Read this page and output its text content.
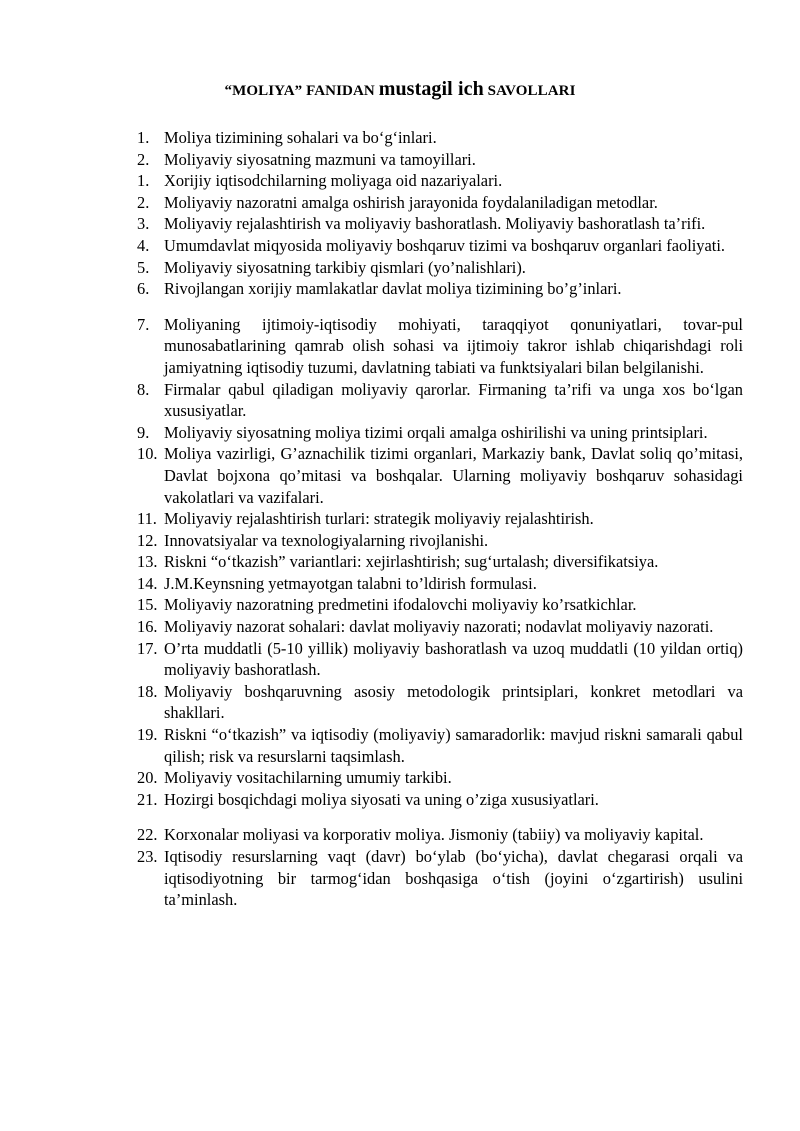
“MOLIYA” FANIDAN mustagil ich SAVOLLARI
1. Moliya tizimining sohalari va bo‘g‘inlari.
2. Moliyaviy siyosatning mazmuni va tamoyillari.
1. Xorijiy iqtisodchilarning moliyaga oid nazariyalari.
2. Moliyaviy nazoratni amalga oshirish jarayonida foydalaniladigan metodlar.
3. Moliyaviy rejalashtirish va moliyaviy bashoratlash. Moliyaviy bashoratlash ta’rifi.
4. Umumdavlat miqyosida moliyaviy boshqaruv tizimi va boshqaruv organlari faoliyati.
5. Moliyaviy siyosatning tarkibiy qismlari (yo’nalishlari).
6. Rivojlangan xorijiy mamlakatlar davlat moliya tizimining bo’g’inlari.
7. Moliyaning ijtimoiy-iqtisodiy mohiyati, taraqqiyot qonuniyatlari, tovar-pul munosabatlarining qamrab olish sohasi va ijtimoiy takror ishlab chiqarishdagi roli jamiyatning iqtisodiy tuzumi, davlatning tabiati va funktsiyalari bilan belgilanishi.
8. Firmalar qabul qiladigan moliyaviy qarorlar. Firmaning ta’rifi va unga xos bo‘lgan xususiyatlar.
9. Moliyaviy siyosatning moliya tizimi orqali amalga oshirilishi va uning printsiplari.
10. Moliya vazirligi, G’aznachilik tizimi organlari, Markaziy bank, Davlat soliq qo’mitasi, Davlat bojxona qo’mitasi va boshqalar. Ularning moliyaviy boshqaruv sohasidagi vakolatlari va vazifalari.
11. Moliyaviy rejalashtirish turlari: strategik moliyaviy rejalashtirish.
12. Innovatsiyalar va texnologiyalarning rivojlanishi.
13. Riskni “o‘tkazish” variantlari: xejirlashtirish; sug‘urtalash; diversifikatsiya.
14. J.M.Keynsning yetmayotgan talabni to’ldirish formulasi.
15. Moliyaviy nazoratning predmetini ifodalovchi moliyaviy ko’rsatkichlar.
16. Moliyaviy nazorat sohalari: davlat moliyaviy nazorati; nodavlat moliyaviy nazorati.
17. O’rta muddatli (5-10 yillik) moliyaviy bashoratlash va uzoq muddatli (10 yildan ortiq) moliyaviy bashoratlash.
18. Moliyaviy boshqaruvning asosiy metodologik printsiplari, konkret metodlari va shakllari.
19. Riskni “o‘tkazish” va iqtisodiy (moliyaviy) samaradorlik: mavjud riskni samarali qabul qilish; risk va resurslarni taqsimlash.
20. Moliyaviy vositachilarning umumiy tarkibi.
21. Hozirgi bosqichdagi moliya siyosati va uning o’ziga xususiyatlari.
22. Korxonalar moliyasi va korporativ moliya. Jismoniy (tabiiy) va moliyaviy kapital.
23. Iqtisodiy resurslarning vaqt (davr) bo‘ylab (bo‘yicha), davlat chegarasi orqali va iqtisodiyotning bir tarmog‘idan boshqasiga o‘tish (joyini o‘zgartirish) usulini ta’minlash.
